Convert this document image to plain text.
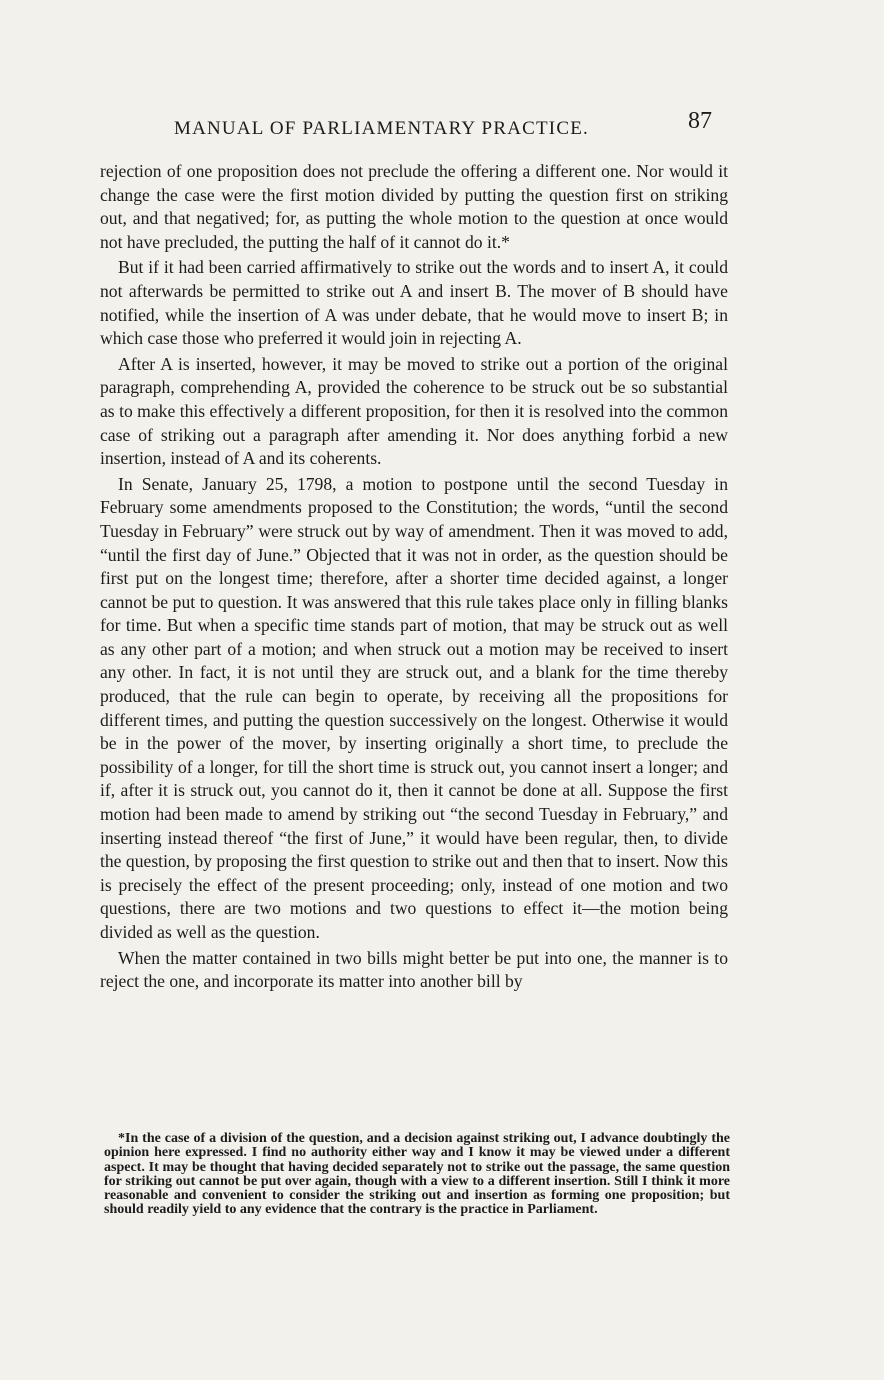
MANUAL OF PARLIAMENTARY PRACTICE.	87

rejection of one proposition does not preclude the offering a different one. Nor would it change the case were the first motion divided by putting the question first on striking out, and that negatived; for, as putting the whole motion to the question at once would not have precluded, the putting the half of it cannot do it.*

But if it had been carried affirmatively to strike out the words and to insert A, it could not afterwards be permitted to strike out A and insert B. The mover of B should have notified, while the insertion of A was under debate, that he would move to insert B; in which case those who preferred it would join in rejecting A.

After A is inserted, however, it may be moved to strike out a portion of the original paragraph, comprehending A, provided the coherence to be struck out be so substantial as to make this effectively a different proposition, for then it is resolved into the common case of striking out a paragraph after amending it. Nor does anything forbid a new insertion, instead of A and its coherents.

In Senate, January 25, 1798, a motion to postpone until the second Tuesday in February some amendments proposed to the Constitution; the words, “until the second Tuesday in February” were struck out by way of amendment. Then it was moved to add, “until the first day of June.” Objected that it was not in order, as the question should be first put on the longest time; therefore, after a shorter time decided against, a longer cannot be put to question. It was answered that this rule takes place only in filling blanks for time. But when a specific time stands part of motion, that may be struck out as well as any other part of a motion; and when struck out a motion may be received to insert any other. In fact, it is not until they are struck out, and a blank for the time thereby produced, that the rule can begin to operate, by receiving all the propositions for different times, and putting the question successively on the longest. Otherwise it would be in the power of the mover, by inserting originally a short time, to preclude the possibility of a longer, for till the short time is struck out, you cannot insert a longer; and if, after it is struck out, you cannot do it, then it cannot be done at all. Suppose the first motion had been made to amend by striking out “the second Tuesday in February,” and inserting instead thereof “the first of June,” it would have been regular, then, to divide the question, by proposing the first question to strike out and then that to insert. Now this is precisely the effect of the present proceeding; only, instead of one motion and two questions, there are two motions and two questions to effect it—the motion being divided as well as the question.

When the matter contained in two bills might better be put into one, the manner is to reject the one, and incorporate its matter into another bill by

*In the case of a division of the question, and a decision against striking out, I advance doubtingly the opinion here expressed. I find no authority either way and I know it may be viewed under a different aspect. It may be thought that having decided separately not to strike out the passage, the same question for striking out cannot be put over again, though with a view to a different insertion. Still I think it more reasonable and convenient to consider the striking out and insertion as forming one proposition; but should readily yield to any evidence that the contrary is the practice in Parliament.
